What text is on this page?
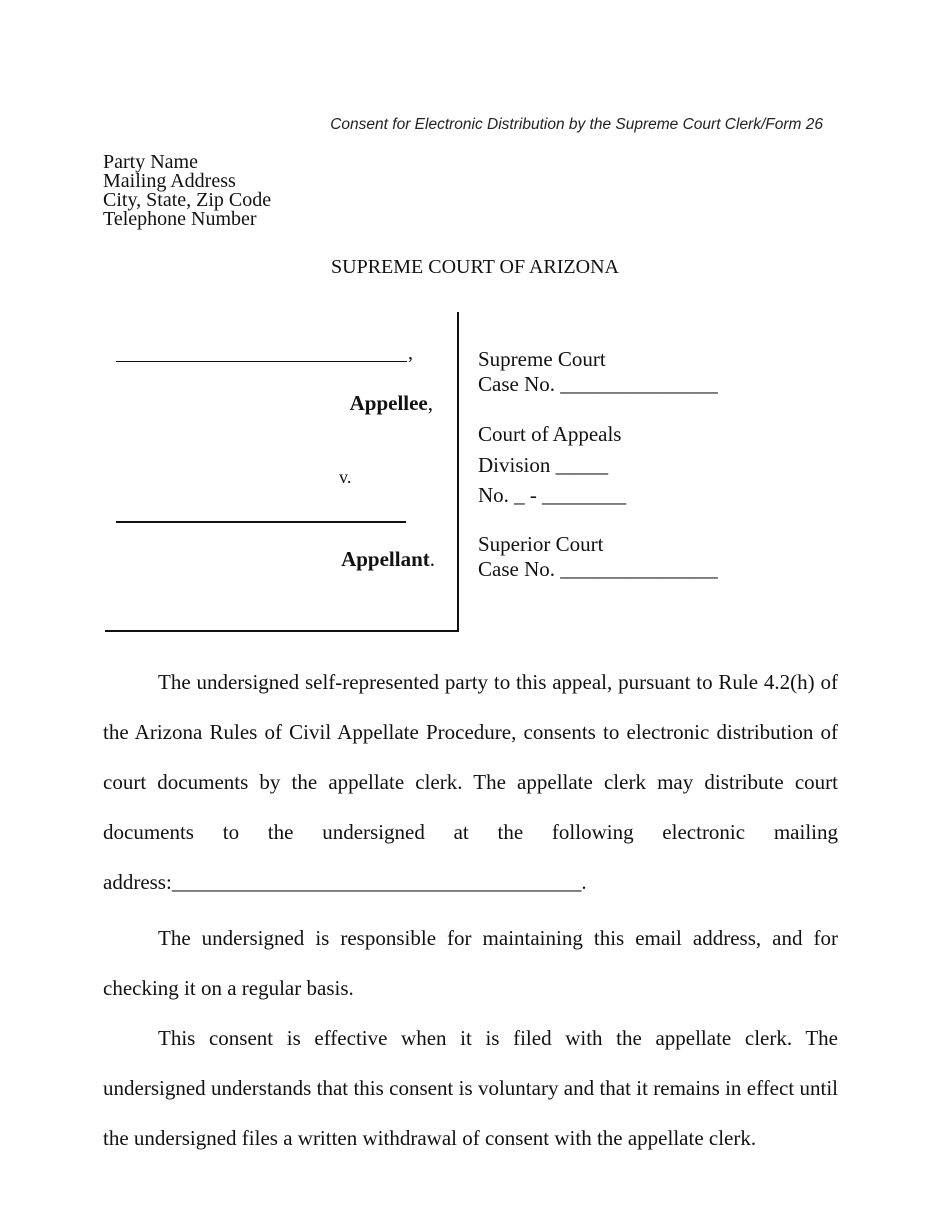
Consent for Electronic Distribution by the Supreme Court Clerk/Form 26
Party Name
Mailing Address
City, State, Zip Code
Telephone Number
SUPREME COURT OF ARIZONA
,
Appellee,
v.
Appellant.
Supreme Court
Case No. _______________
Court of Appeals
Division _____
No. _ - ________
Superior Court
Case No. _______________

The undersigned self-represented party to this appeal, pursuant to Rule 4.2(h) of the Arizona Rules of Civil Appellate Procedure, consents to electronic distribution of court documents by the appellate clerk. The appellate clerk may distribute court documents to the undersigned at the following electronic mailing address:_______________________________________.

The undersigned is responsible for maintaining this email address, and for checking it on a regular basis.

This consent is effective when it is filed with the appellate clerk. The undersigned understands that this consent is voluntary and that it remains in effect until the undersigned files a written withdrawal of consent with the appellate clerk.
